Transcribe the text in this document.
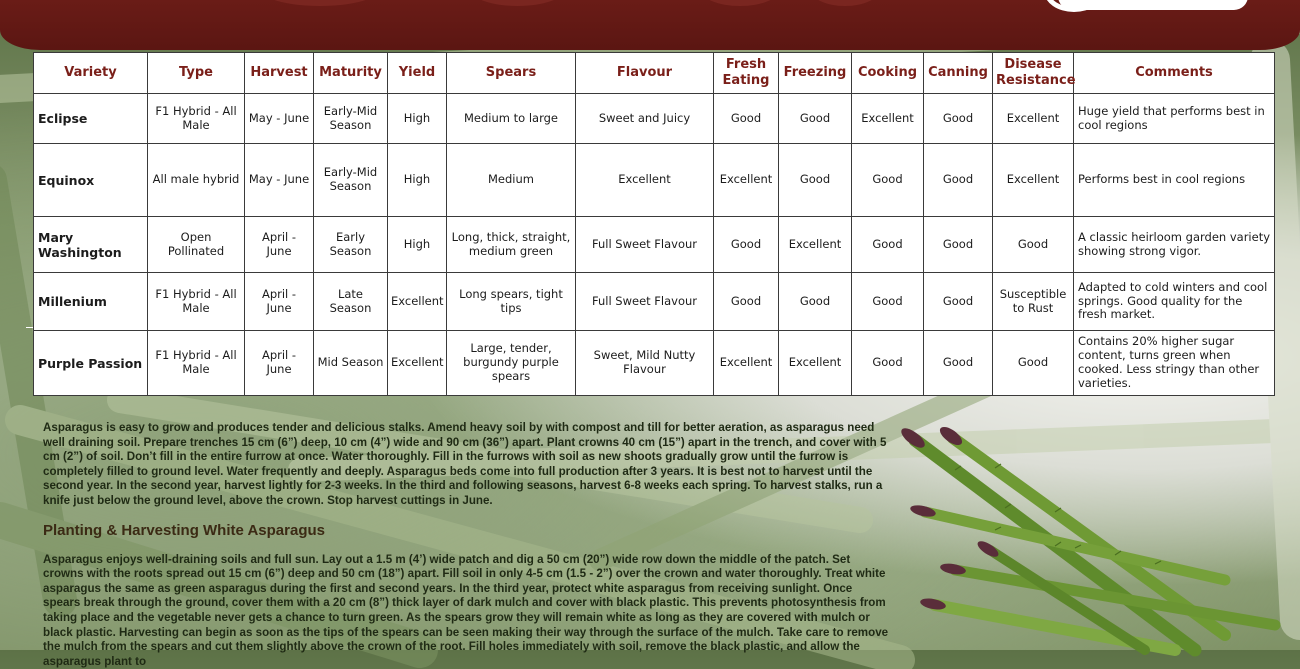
Variety	Type	Harvest	Maturity	Yield	Spears	Flavour	Fresh Eating	Freezing	Cooking	Canning	Disease Resistance	Comments
Eclipse	F1 Hybrid - All Male	May - June	Early-Mid Season	High	Medium to large	Sweet and Juicy	Good	Good	Excellent	Good	Excellent	Huge yield that performs best in cool regions
Equinox	All male hybrid	May - June	Early-Mid Season	High	Medium	Excellent	Excellent	Good	Good	Good	Excellent	Performs best in cool regions
Mary Washington	Open Pollinated	April - June	Early Season	High	Long, thick, straight, medium green	Full Sweet Flavour	Good	Excellent	Good	Good	Good	A classic heirloom garden variety showing strong vigor.
Millenium	F1 Hybrid - All Male	April - June	Late Season	Excellent	Long spears, tight tips	Full Sweet Flavour	Good	Good	Good	Good	Susceptible to Rust	Adapted to cold winters and cool springs. Good quality for the fresh market.
Purple Passion	F1 Hybrid - All Male	April - June	Mid Season	Excellent	Large, tender, burgundy purple spears	Sweet, Mild Nutty Flavour	Excellent	Excellent	Good	Good	Good	Contains 20% higher sugar content, turns green when cooked. Less stringy than other varieties.

Asparagus is easy to grow and produces tender and delicious stalks. Amend heavy soil by with compost and till for better aeration, as asparagus need well draining soil. Prepare trenches 15 cm (6”) deep, 10 cm (4”) wide and 90 cm (36”) apart. Plant crowns 40 cm (15”) apart in the trench, and cover with 5 cm (2”) of soil. Don’t fill in the entire furrow at once. Water thoroughly. Fill in the furrows with soil as new shoots gradually grow until the furrow is completely filled to ground level. Water frequently and deeply. Asparagus beds come into full production after 3 years. It is best not to harvest until the second year. In the second year, harvest lightly for 2-3 weeks. In the third and following seasons, harvest 6-8 weeks each spring. To harvest stalks, run a knife just below the ground level, above the crown. Stop harvest cuttings in June.

Planting & Harvesting White Asparagus

Asparagus enjoys well-draining soils and full sun. Lay out a 1.5 m (4’) wide patch and dig a 50 cm (20”) wide row down the middle of the patch. Set crowns with the roots spread out 15 cm (6”) deep and 50 cm (18”) apart. Fill soil in only 4-5 cm (1.5 - 2”) over the crown and water thoroughly. Treat white asparagus the same as green asparagus during the first and second years. In the third year, protect white asparagus from receiving sunlight. Once spears break through the ground, cover them with a 20 cm (8”) thick layer of dark mulch and cover with black plastic. This prevents photosynthesis from taking place and the vegetable never gets a chance to turn green. As the spears grow they will remain white as long as they are covered with mulch or black plastic. Harvesting can begin as soon as the tips of the spears can be seen making their way through the surface of the mulch. Take care to remove the mulch from the spears and cut them slightly above the crown of the root. Fill holes immediately with soil, remove the black plastic, and allow the asparagus plant to
